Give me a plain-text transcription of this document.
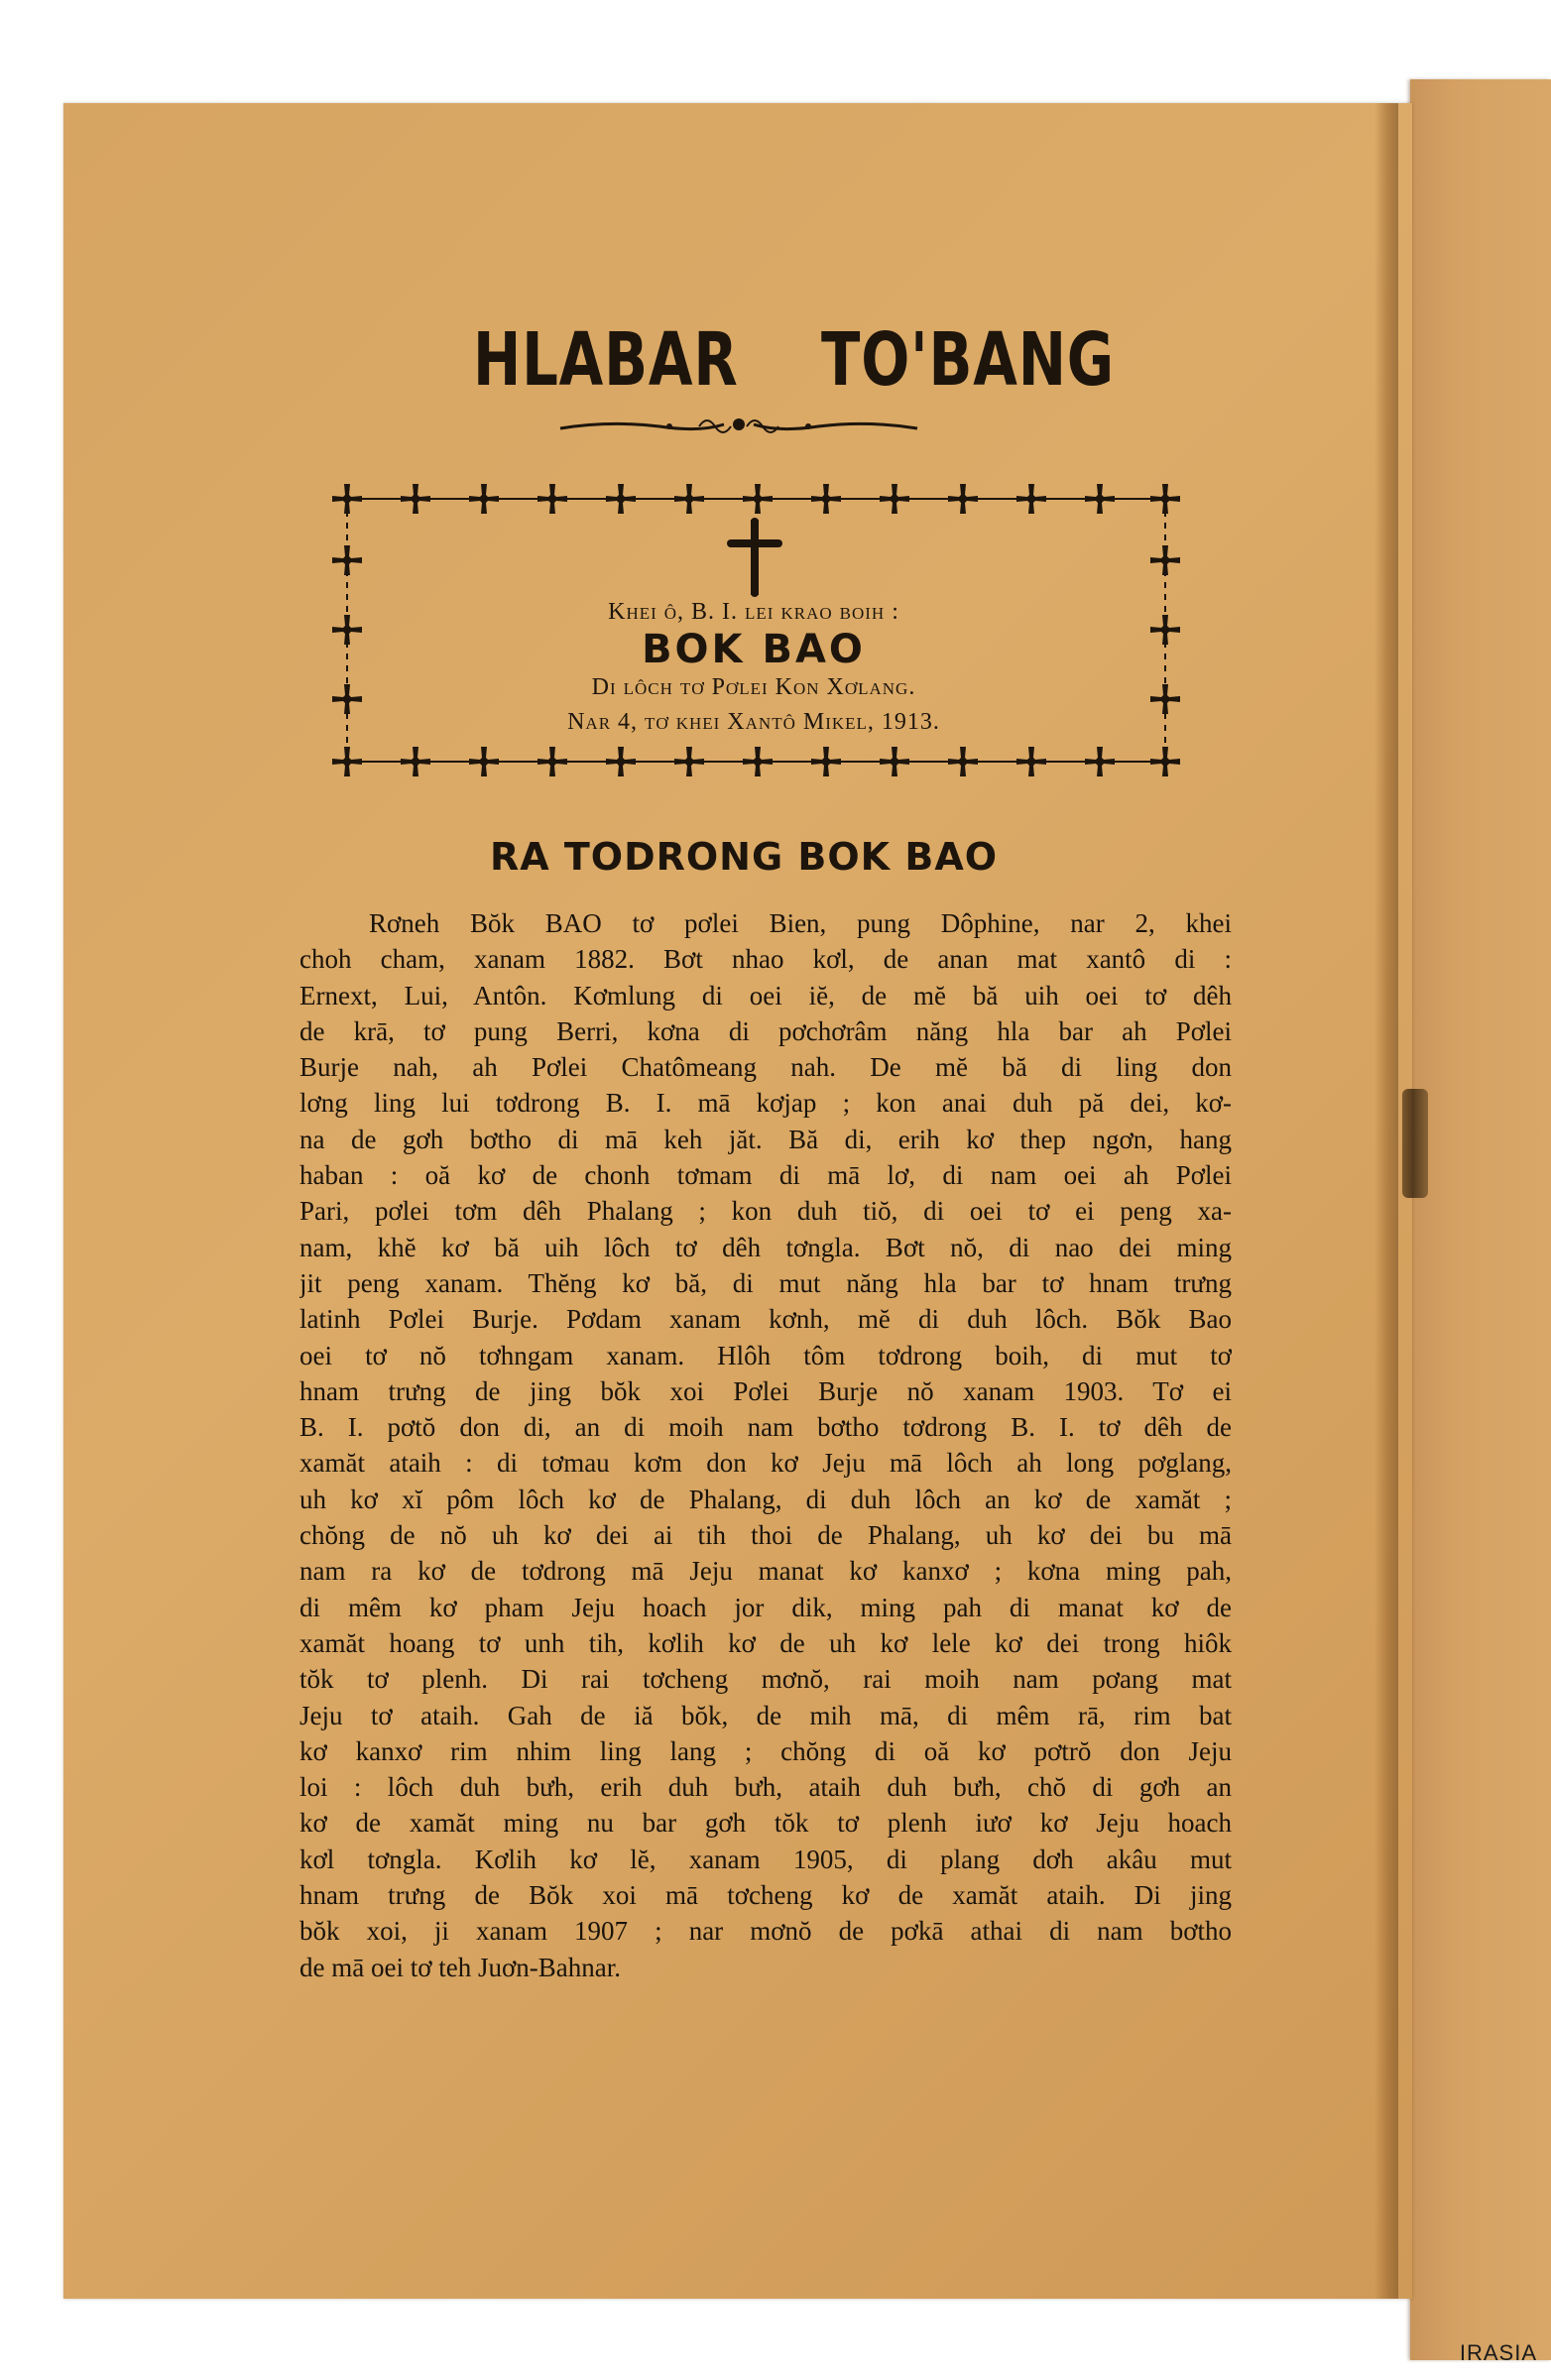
HLABAR    TO'BANG
Khei ô, B. I. lei krao boih :
BOK BAO
Di lôch tơ Pơlei Kon Xơlang.
Nar 4, tơ khei Xantô Mikel, 1913.
RA TODRONG BOK BAO
Rơneh Bŏk BAO tơ pơlei Bien, pung Dôphine, nar 2, khei
choh cham, xanam 1882. Bơt nhao kơl, de anan mat xantô di :
Ernext, Lui, Antôn. Kơmlung di oei iĕ, de mĕ bă uih oei tơ dêh
de krā, tơ pung Berri, kơna di pơchơrâm năng hla bar ah Pơlei
Burje nah, ah Pơlei Chatômeang nah. De mĕ bă di ling don
lơng ling lui tơdrong B. I. mā kơjap ; kon anai duh pă dei, kơ-
na de gơh bơtho di mā keh jăt. Bă di, erih kơ thep ngơn, hang
haban : oă kơ de chonh tơmam di mā lơ, di nam oei ah Pơlei
Pari, pơlei tơm dêh Phalang ; kon duh tiŏ, di oei tơ ei peng xa-
nam, khĕ kơ bă uih lôch tơ dêh tơngla. Bơt nŏ, di nao dei ming
jit peng xanam. Thĕng kơ bă, di mut năng hla bar tơ hnam trưng
latinh Pơlei Burje. Pơdam xanam kơnh, mĕ di duh lôch. Bŏk Bao
oei tơ nŏ tơhngam xanam. Hlôh tôm tơdrong boih, di mut tơ
hnam trưng de jing bŏk xoi Pơlei Burje nŏ xanam 1903. Tơ ei
B. I. pơtŏ don di, an di moih nam bơtho tơdrong B. I. tơ dêh de
xamăt ataih : di tơmau kơm don kơ Jeju mā lôch ah long pơglang,
uh kơ xĭ pôm lôch kơ de Phalang, di duh lôch an kơ de xamăt ;
chŏng de nŏ uh kơ dei ai tih thoi de Phalang, uh kơ dei bu mā
nam ra kơ de tơdrong mā Jeju manat kơ kanxơ ; kơna ming pah,
di mêm kơ pham Jeju hoach jor dik, ming pah di manat kơ de
xamăt hoang tơ unh tih, kơlih kơ de uh kơ lele kơ dei trong hiôk
tŏk tơ plenh. Di rai tơcheng mơnŏ, rai moih nam pơang mat
Jeju tơ ataih. Gah de iă bŏk, de mih mā, di mêm rā, rim bat
kơ kanxơ rim nhim ling lang ; chŏng di oă kơ pơtrŏ don Jeju
loi : lôch duh bưh, erih duh bưh, ataih duh bưh, chŏ di gơh an
kơ de xamăt ming nu bar gơh tŏk tơ plenh iươ kơ Jeju hoach
kơl tơngla. Kơlih kơ lĕ, xanam 1905, di plang dơh akâu mut
hnam trưng de Bŏk xoi mā tơcheng kơ de xamăt ataih. Di jing
bŏk xoi, ji xanam 1907 ; nar mơnŏ de pơkā athai di nam bơtho
de mā oei tơ teh Juơn-Bahnar.
IRASIA
